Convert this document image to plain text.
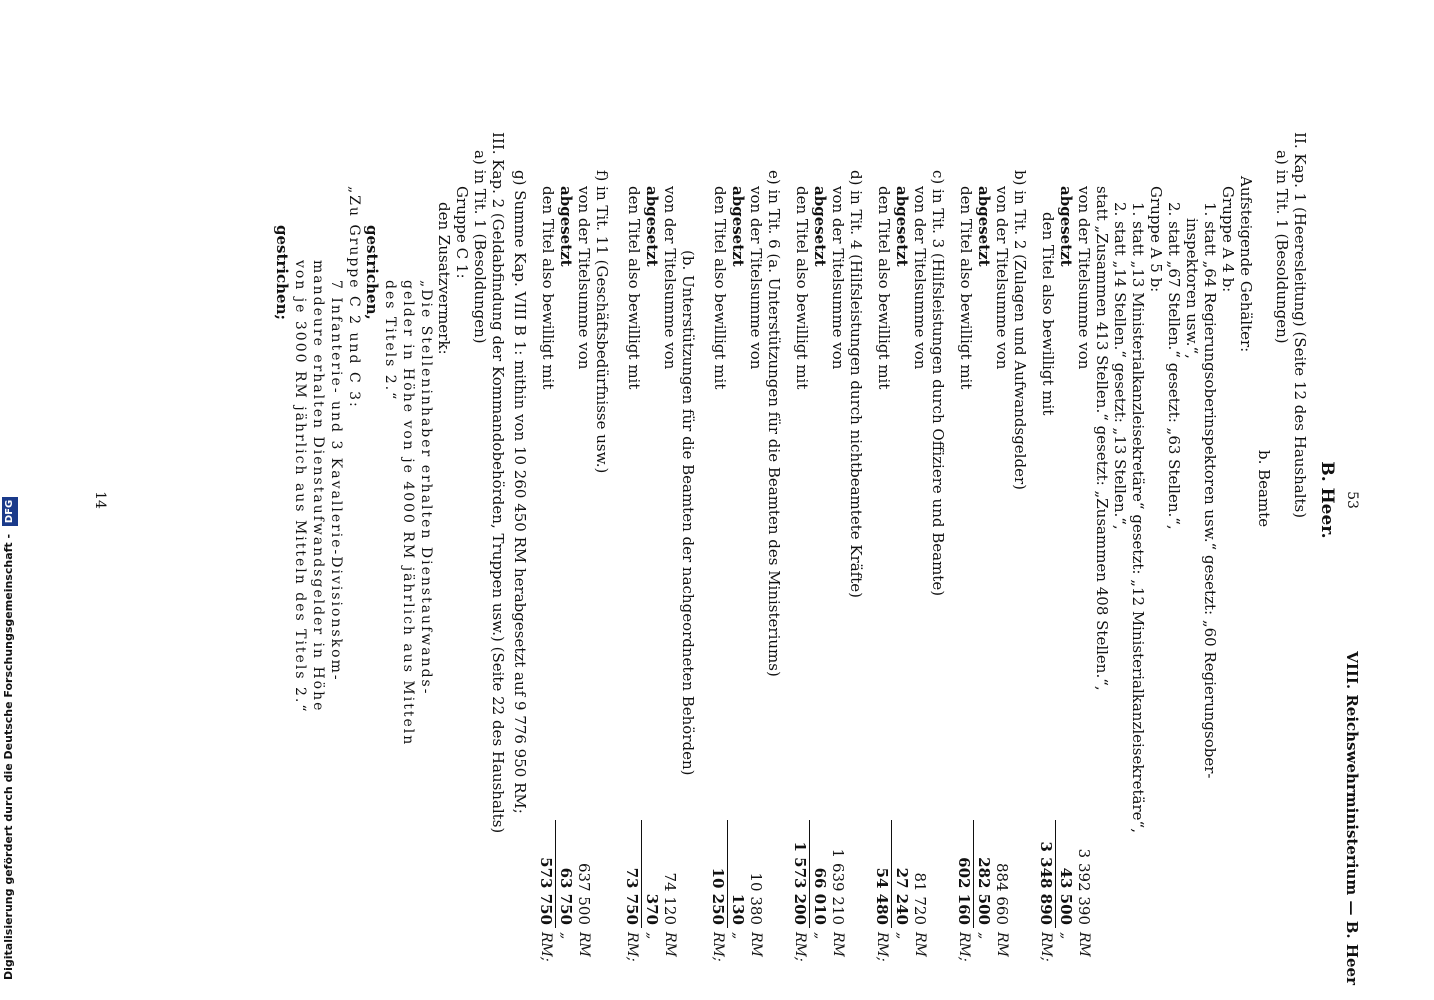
53
VIII. Reichswehrministerium — B. Heer
B. Heer.
II. Kap. 1 (Heeresleitung) (Seite 12 des Haushalts)
a) in Tit. 1 (Besoldungen)
b. Beamte
Aufsteigende Gehälter:
Gruppe A 4 b:
1. statt „64 Regierungsoberinspektoren usw.“ gesetzt: „60 Regierungsober-
inspektoren usw.“,
2. statt „67 Stellen.“ gesetzt: „63 Stellen.“,
Gruppe A 5 b:
1. statt „13 Ministerialkanzleisekretäre“ gesetzt: „12 Ministerialkanzleisekretäre“,
2. statt „14 Stellen.“ gesetzt: „13 Stellen.“,
statt „Zusammen 413 Stellen.“ gesetzt: „Zusammen 408 Stellen.“,
von der Titelsumme von
abgesetzt
den Titel also bewilligt mit
3 392 390
RM
43 500
„
3 348 890
RM;
b) in Tit. 2 (Zulagen und Aufwandsgelder)
von der Titelsumme von
abgesetzt
den Titel also bewilligt mit
884 660
RM
282 500
„
602 160
RM;
c) in Tit. 3 (Hilfsleistungen durch Offiziere und Beamte)
von der Titelsumme von
abgesetzt
den Titel also bewilligt mit
81 720
RM
27 240
„
54 480
RM;
d) in Tit. 4 (Hilfsleistungen durch nichtbeamtete Kräfte)
von der Titelsumme von
abgesetzt
den Titel also bewilligt mit
1 639 210
RM
66 010
„
1 573 200
RM;
e) in Tit. 6 (a. Unterstützungen für die Beamten des Ministeriums)
von der Titelsumme von
abgesetzt
den Titel also bewilligt mit
10 380
RM
130
„
10 250
RM;
(b. Unterstützungen für die Beamten der nachgeordneten Behörden)
von der Titelsumme von
abgesetzt
den Titel also bewilligt mit
74 120
RM
370
„
73 750
RM;
f) in Tit. 11 (Geschäftsbedürfnisse usw.)
von der Titelsumme von
abgesetzt
den Titel also bewilligt mit
637 500
RM
63 750
„
573 750
RM;
g) Summe Kap. VIII B 1: mithin von 10 260 450 RM herabgesetzt auf 9 776 950 RM;
III. Kap. 2 (Geldabfindung der Kommandobehörden, Truppen usw.) (Seite 22 des Haushalts)
a) in Tit. 1 (Besoldungen)
Gruppe C 1:
den Zusatzvermerk:
„Die Stelleninhaber erhalten Dienstaufwands-
gelder in Höhe von je 4000 RM jährlich aus Mitteln
des Titels 2.“
gestrichen,
„Zu Gruppe C 2 und C 3:
7 Infanterie- und 3 Kavallerie-Divisionskom-
mandeure erhalten Dienstaufwandsgelder in Höhe
von je 3000 RM jährlich aus Mitteln des Titels 2.“
gestrichen;
14
Digitalisierung gefördert durch die Deutsche Forschungsgemeinschaft - DFG
